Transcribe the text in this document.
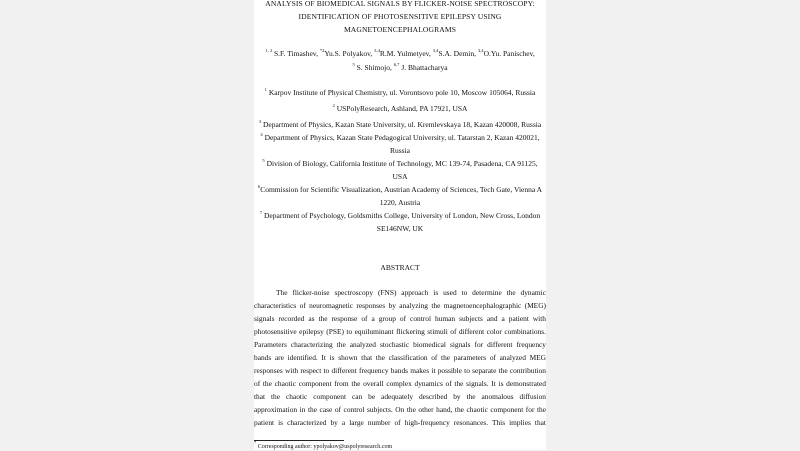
ANALYSIS OF BIOMEDICAL SIGNALS BY FLICKER-NOISE SPECTROSCOPY:
IDENTIFICATION OF PHOTOSENSITIVE EPILEPSY USING
MAGNETOENCEPHALOGRAMS
$^{1, 2}$ S.F. Timashev, $^{*2}$Yu.S. Polyakov, $^{3,4}$R.M. Yulmetyev, $^{3,4}$S.A. Demin, $^{3,4}$O.Yu. Panischev,
$^5$ S. Shimojo, $^{6,7}$ J. Bhattacharya
$^1$ Karpov Institute of Physical Chemistry, ul. Vorontsovo pole 10, Moscow 105064, Russia
$^2$ USPolyResearch, Ashland, PA 17921, USA
$^3$ Department of Physics, Kazan State University, ul. Kremlevskaya 18, Kazan 420008, Russia
$^4$ Department of Physics, Kazan State Pedagogical University, ul. Tatarstan 2, Kazan 420021,
Russia
$^5$ Division of Biology, California Institute of Technology, MC 139-74, Pasadena, CA 91125,
USA
$^6$Commission for Scientific Visualization, Austrian Academy of Sciences, Tech Gate, Vienna A
1220, Austria
$^7$ Department of Psychology, Goldsmiths College, University of London, New Cross, London
SE146NW, UK
ABSTRACT
The flicker-noise spectroscopy (FNS) approach is used to determine the dynamic
characteristics of neuromagnetic responses by analyzing the magnetoencephalographic (MEG)
signals recorded as the response of a group of control human subjects and a patient with
photosensitive epilepsy (PSE) to equiluminant flickering stimuli of different color combinations.
Parameters characterizing the analyzed stochastic biomedical signals for different frequency
bands are identified. It is shown that the classification of the parameters of analyzed MEG
responses with respect to different frequency bands makes it possible to separate the contribution
of the chaotic component from the overall complex dynamics of the signals. It is demonstrated
that the chaotic component can be adequately described by the anomalous diffusion
approximation in the case of control subjects. On the other hand, the chaotic component for the
patient is characterized by a large number of high-frequency resonances. This implies that
* Corresponding author: ypolyakov@uspolyresearch.com
